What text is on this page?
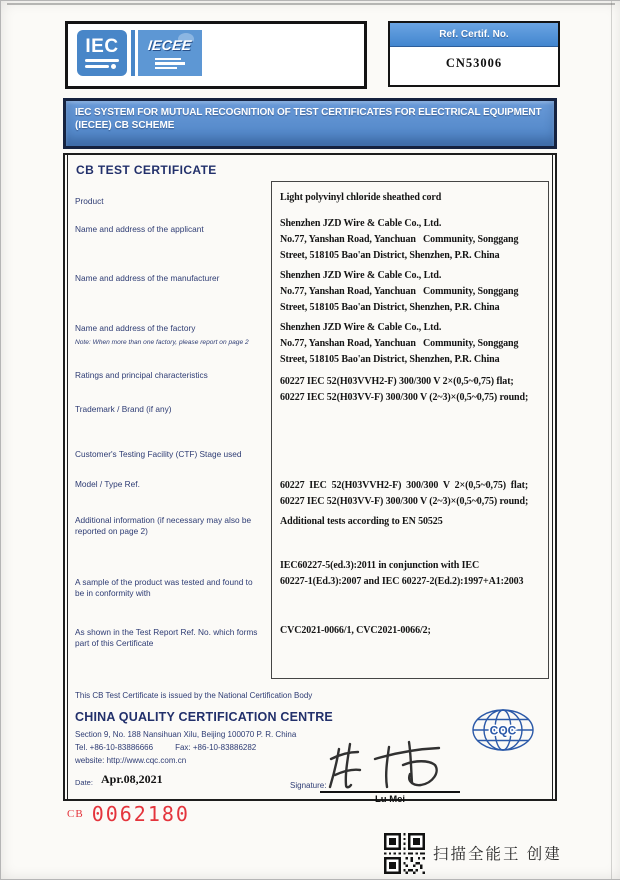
IEC IECEE
Ref. Certif. No.
CN53006
IEC SYSTEM FOR MUTUAL RECOGNITION OF TEST CERTIFICATES FOR ELECTRICAL EQUIPMENT
(IECEE) CB SCHEME
CB TEST CERTIFICATE
Product
Name and address of the applicant
Name and address of the manufacturer
Name and address of the factory
Note: When more than one factory, please report on page 2
Ratings and principal characteristics
Trademark / Brand (if any)
Customer's Testing Facility (CTF) Stage used
Model / Type Ref.
Additional information (if necessary may also be reported on page 2)
A sample of the product was tested and found to be in conformity with
As shown in the Test Report Ref. No. which forms part of this Certificate
Light polyvinyl chloride sheathed cord
Shenzhen JZD Wire & Cable Co., Ltd.
No.77, Yanshan Road, Yanchuan   Community, Songgang
Street, 518105 Bao'an District, Shenzhen, P.R. China
Shenzhen JZD Wire & Cable Co., Ltd.
No.77, Yanshan Road, Yanchuan   Community, Songgang
Street, 518105 Bao'an District, Shenzhen, P.R. China
Shenzhen JZD Wire & Cable Co., Ltd.
No.77, Yanshan Road, Yanchuan   Community, Songgang
Street, 518105 Bao'an District, Shenzhen, P.R. China
60227 IEC 52(H03VVH2-F) 300/300 V 2×(0,5~0,75) flat;
60227 IEC 52(H03VV-F) 300/300 V (2~3)×(0,5~0,75) round;
60227  IEC  52(H03VVH2-F)  300/300  V  2×(0,5~0,75)  flat;
60227 IEC 52(H03VV-F) 300/300 V (2~3)×(0,5~0,75) round;
Additional tests according to EN 50525
IEC60227-5(ed.3):2011 in conjunction with IEC
60227-1(Ed.3):2007 and IEC 60227-2(Ed.2):1997+A1:2003
CVC2021-0066/1, CVC2021-0066/2;
This CB Test Certificate is issued by the National Certification Body
CHINA QUALITY CERTIFICATION CENTRE
Section 9, No. 188 Nansihuan Xilu, Beijing 100070 P. R. China
Tel. +86-10-83886666	Fax: +86-10-83886282
website: http://www.cqc.com.cn
Date: Apr.08,2021	Signature:
Lu Mei
CQC
$^{CB}$ 0062180
扫描全能王 创建
